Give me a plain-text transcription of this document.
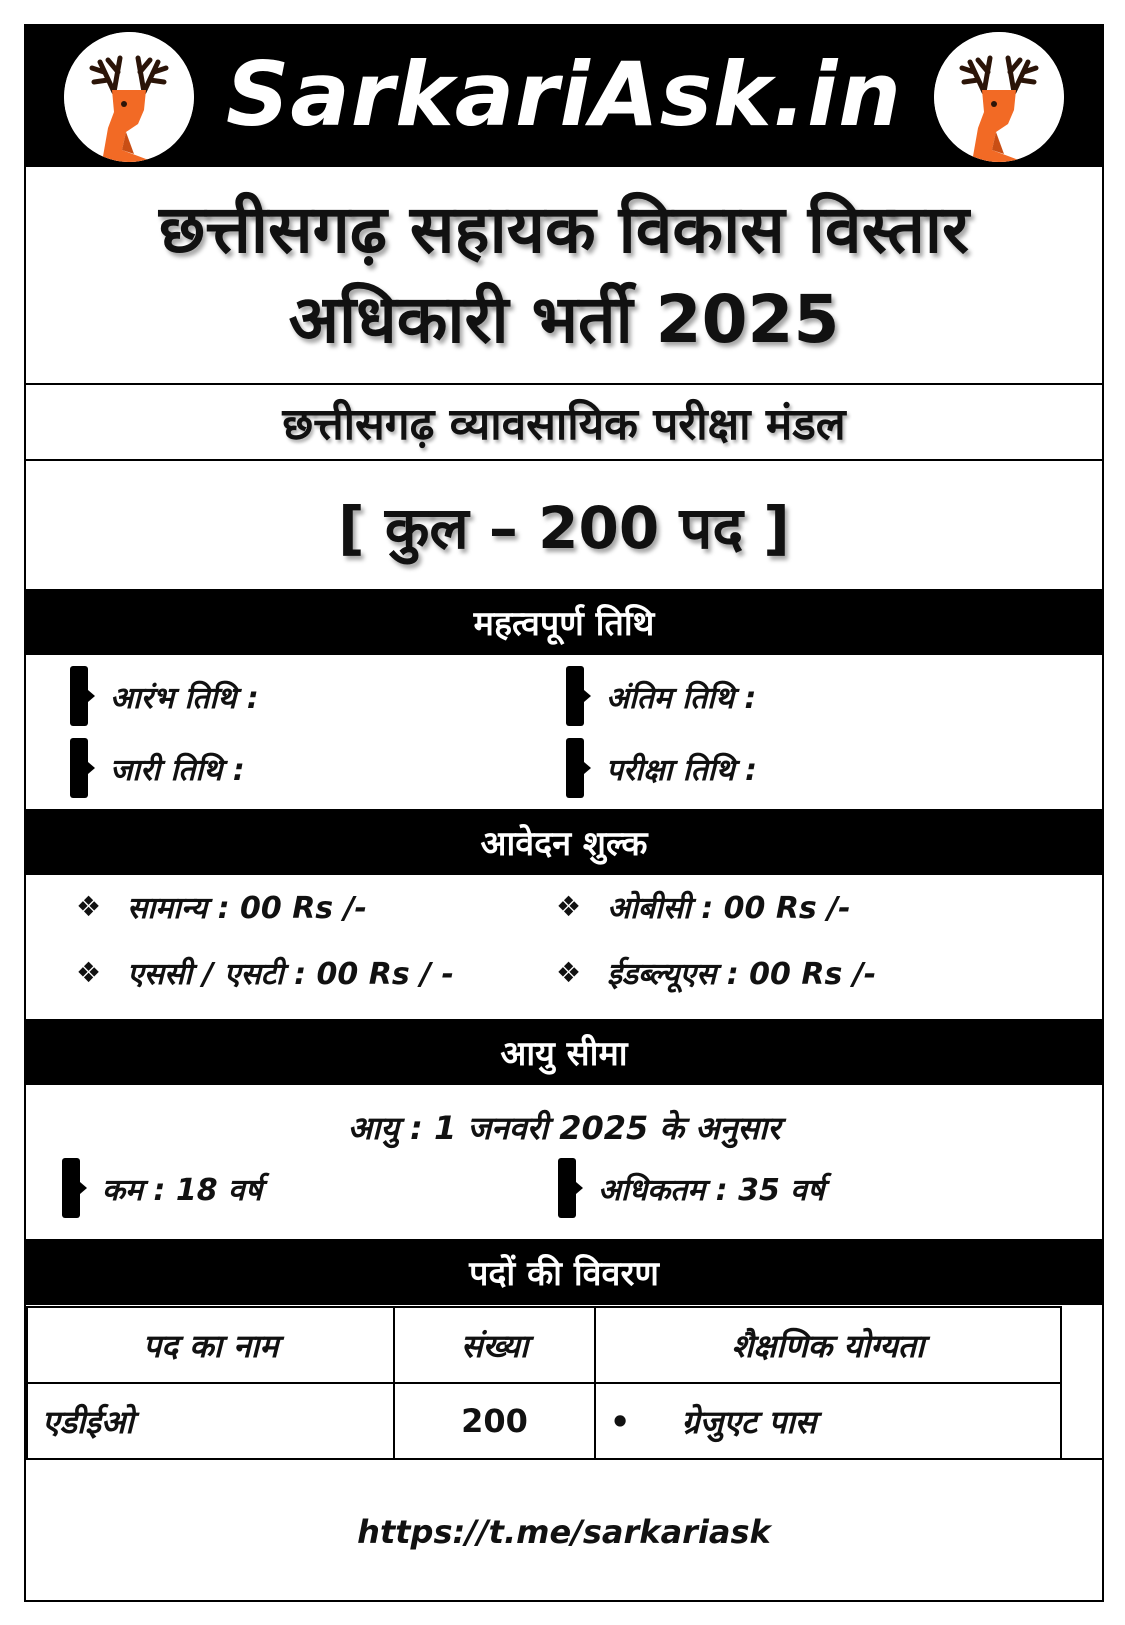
SarkariAsk.in
छत्तीसगढ़ सहायक विकास विस्तार अधिकारी भर्ती 2025
छत्तीसगढ़ व्यावसायिक परीक्षा मंडल
[ कुल – 200 पद ]
महत्वपूर्ण तिथि
आरंभ तिथि :	अंतिम तिथि :
जारी तिथि :	परीक्षा तिथि :
आवेदन शुल्क
❖ सामान्य : 00 Rs /-	❖ ओबीसी : 00 Rs /-
❖ एससी / एसटी : 00 Rs / -	❖ ईडब्ल्यूएस : 00 Rs /-
आयु सीमा
आयु : 1 जनवरी 2025 के अनुसार
कम : 18 वर्ष	अधिकतम : 35 वर्ष
पदों की विवरण
पद का नाम	संख्या	शैक्षणिक योग्यता
एडीईओ	200	• ग्रेजुएट पास
https://t.me/sarkariask
